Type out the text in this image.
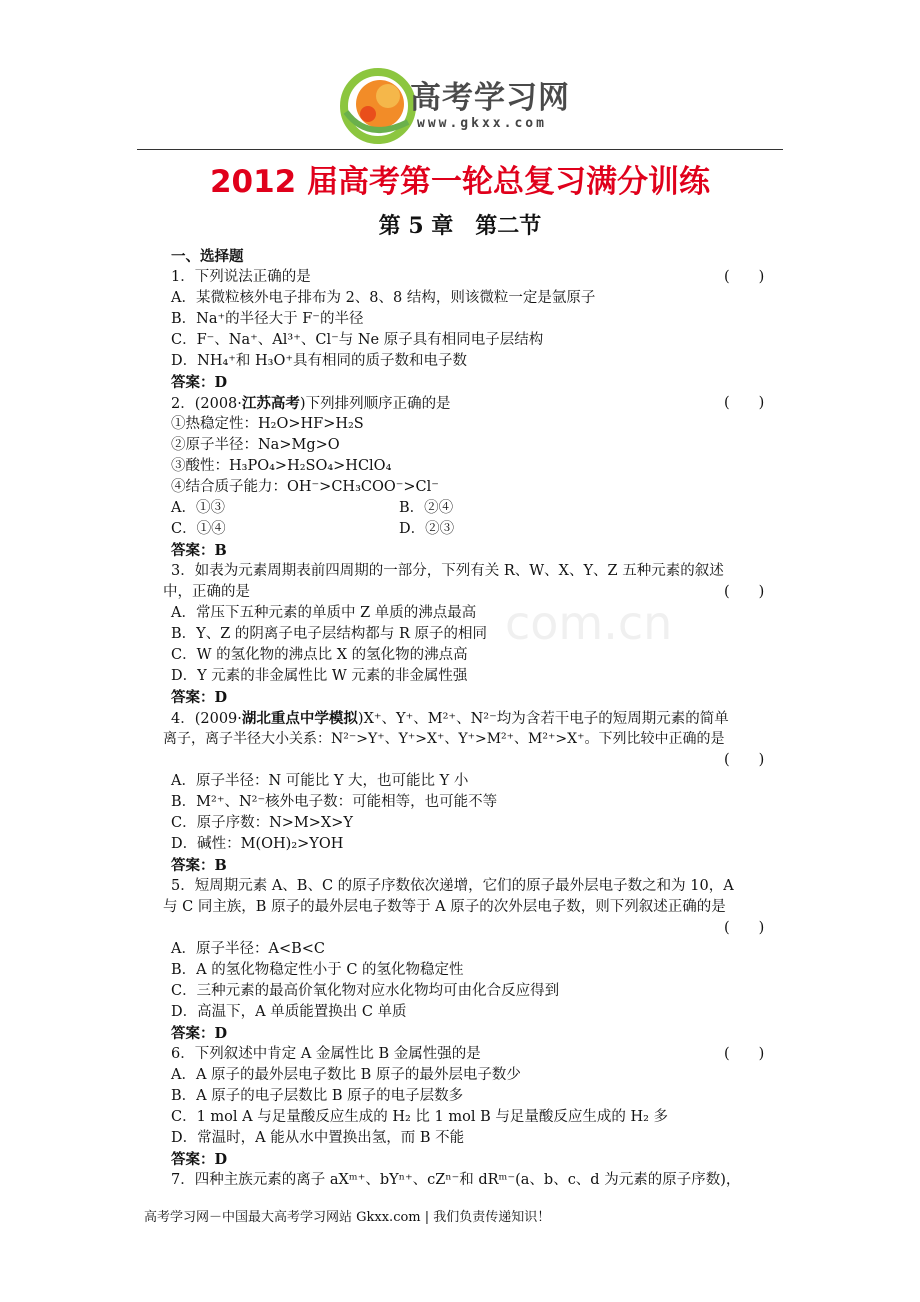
高考学习网
www.gkxx.com
2012 届高考第一轮总复习满分训练
第 5 章　第二节
com.cn
一、选择题
1．下列说法正确的是	(　　)
A．某微粒核外电子排布为 2、8、8 结构，则该微粒一定是氩原子
B．Na⁺的半径大于 F⁻的半径
C．F⁻、Na⁺、Al³⁺、Cl⁻与 Ne 原子具有相同电子层结构
D．NH₄⁺和 H₃O⁺具有相同的质子数和电子数
答案：D
2．(2008·江苏高考)下列排列顺序正确的是	(　　)
①热稳定性：H₂O>HF>H₂S
②原子半径：Na>Mg>O
③酸性：H₃PO₄>H₂SO₄>HClO₄
④结合质子能力：OH⁻>CH₃COO⁻>Cl⁻
A．①③	B．②④
C．①④	D．②③
答案：B
3．如表为元素周期表前四周期的一部分，下列有关 R、W、X、Y、Z 五种元素的叙述
中，正确的是	(　　)
A．常压下五种元素的单质中 Z 单质的沸点最高
B．Y、Z 的阴离子电子层结构都与 R 原子的相同
C．W 的氢化物的沸点比 X 的氢化物的沸点高
D．Y 元素的非金属性比 W 元素的非金属性强
答案：D
4．(2009·湖北重点中学模拟)X⁺、Y⁺、M²⁺、N²⁻均为含若干电子的短周期元素的简单
离子，离子半径大小关系：N²⁻>Y⁺、Y⁺>X⁺、Y⁺>M²⁺、M²⁺>X⁺。下列比较中正确的是
(　　)
A．原子半径：N 可能比 Y 大，也可能比 Y 小
B．M²⁺、N²⁻核外电子数：可能相等，也可能不等
C．原子序数：N>M>X>Y
D．碱性：M(OH)₂>YOH
答案：B
5．短周期元素 A、B、C 的原子序数依次递增，它们的原子最外层电子数之和为 10，A
与 C 同主族，B 原子的最外层电子数等于 A 原子的次外层电子数，则下列叙述正确的是
(　　)
A．原子半径：A<B<C
B．A 的氢化物稳定性小于 C 的氢化物稳定性
C．三种元素的最高价氧化物对应水化物均可由化合反应得到
D．高温下，A 单质能置换出 C 单质
答案：D
6．下列叙述中肯定 A 金属性比 B 金属性强的是	(　　)
A．A 原子的最外层电子数比 B 原子的最外层电子数少
B．A 原子的电子层数比 B 原子的电子层数多
C．1 mol A 与足量酸反应生成的 H₂ 比 1 mol B 与足量酸反应生成的 H₂ 多
D．常温时，A 能从水中置换出氢，而 B 不能
答案：D
7．四种主族元素的离子 aXᵐ⁺、bYⁿ⁺、cZⁿ⁻和 dRᵐ⁻(a、b、c、d 为元素的原子序数)，
高考学习网－中国最大高考学习网站 Gkxx.com | 我们负责传递知识！
